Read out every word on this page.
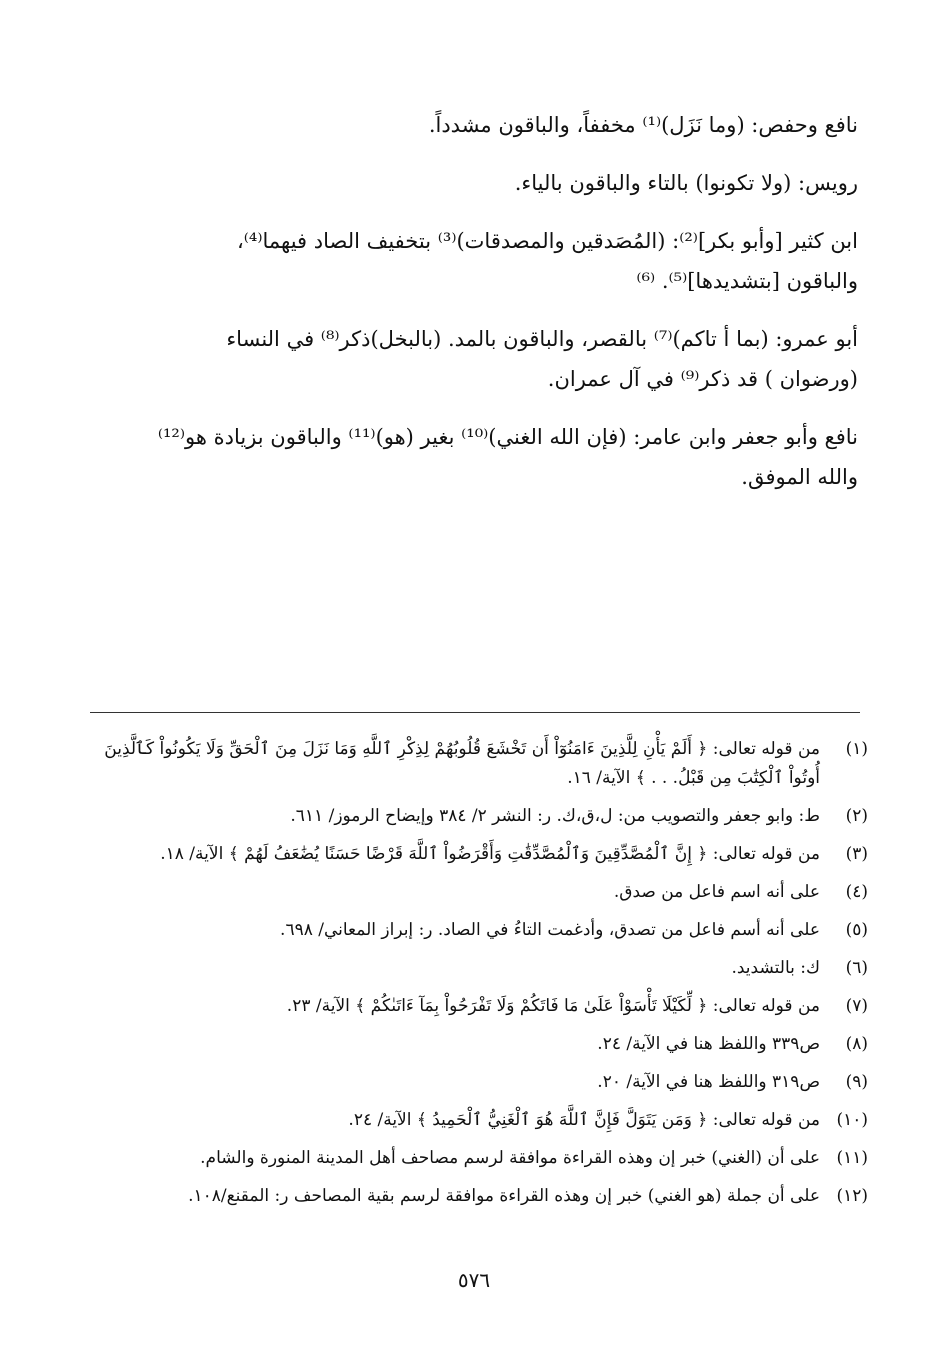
نافع وحفص: (وما نَزَل)⁽¹⁾ مخففاً، والباقون مشدداً.

رويس: (ولا تكونوا) بالتاء والباقون بالياء.

ابن كثير [وأبو بكر]⁽²⁾: (المُصَدقين والمصدقات)⁽³⁾ بتخفيف الصاد فيهما⁽⁴⁾،
والباقون [بتشديدها]⁽⁵⁾. ⁽⁶⁾

أبو عمرو: (بما أ تاكم)⁽⁷⁾ بالقصر، والباقون بالمد. (بالبخل)ذكر⁽⁸⁾ في النساء
(ورضوان ) قد ذكر⁽⁹⁾ في آل عمران.

نافع وأبو جعفر وابن عامر: (فإن الله الغني)⁽¹⁰⁾ بغير (هو)⁽¹¹⁾ والباقون بزيادة هو⁽¹²⁾
والله الموفق.

(١)
من قوله تعالى: ﴿ أَلَمْ يَأْنِ لِلَّذِينَ ءَامَنُوٓاْ أَن تَخْشَعَ قُلُوبُهُمْ لِذِكْرِ ٱللَّهِ وَمَا نَزَلَ مِنَ ٱلْحَقِّ وَلَا يَكُونُواْ كَٱلَّذِينَ
أُوتُواْ ٱلْكِتَٰبَ مِن قَبْلُ. . . ﴾ الآية/ ١٦.
(٢)
ط: وابو جعفر والتصويب من: ل،ق،ك. ر: النشر ٢/ ٣٨٤ وإيضاح الرموز/ ٦١١.
(٣)
من قوله تعالى: ﴿ إِنَّ ٱلْمُصَّدِّقِينَ وَٱلْمُصَّدِّقَٰتِ وَأَقْرَضُواْ ٱللَّهَ قَرْضًا حَسَنًا يُضَٰعَفُ لَهُمْ ﴾ الآية/ ١٨.
(٤)
على أنه اسم فاعل من صدق.
(٥)
على أنه أسم فاعل من تصدق، وأدغمت التاءُ في الصاد. ر: إبراز المعاني/ ٦٩٨.
(٦)
ك: بالتشديد.
(٧)
من قوله تعالى: ﴿ لِّكَيْلَا تَأْسَوْاْ عَلَىٰ مَا فَاتَكُمْ وَلَا تَفْرَحُواْ بِمَآ ءَاتَىٰكُمْ ﴾ الآية/ ٢٣.
(٨)
ص٣٣٩ واللفظ هنا في الآية/ ٢٤.
(٩)
ص٣١٩ واللفظ هنا في الآية/ ٢٠.
(١٠)
من قوله تعالى: ﴿ وَمَن يَتَوَلَّ فَإِنَّ ٱللَّهَ هُوَ ٱلْغَنِيُّ ٱلْحَمِيدُ ﴾ الآية/ ٢٤.
(١١)
على أن (الغني) خبر إن وهذه القراءة موافقة لرسم مصاحف أهل المدينة المنورة والشام.
(١٢)
على أن جملة (هو الغني) خبر إن وهذه القراءة موافقة لرسم بقية المصاحف ر: المقنع/١٠٨.
٥٧٦
